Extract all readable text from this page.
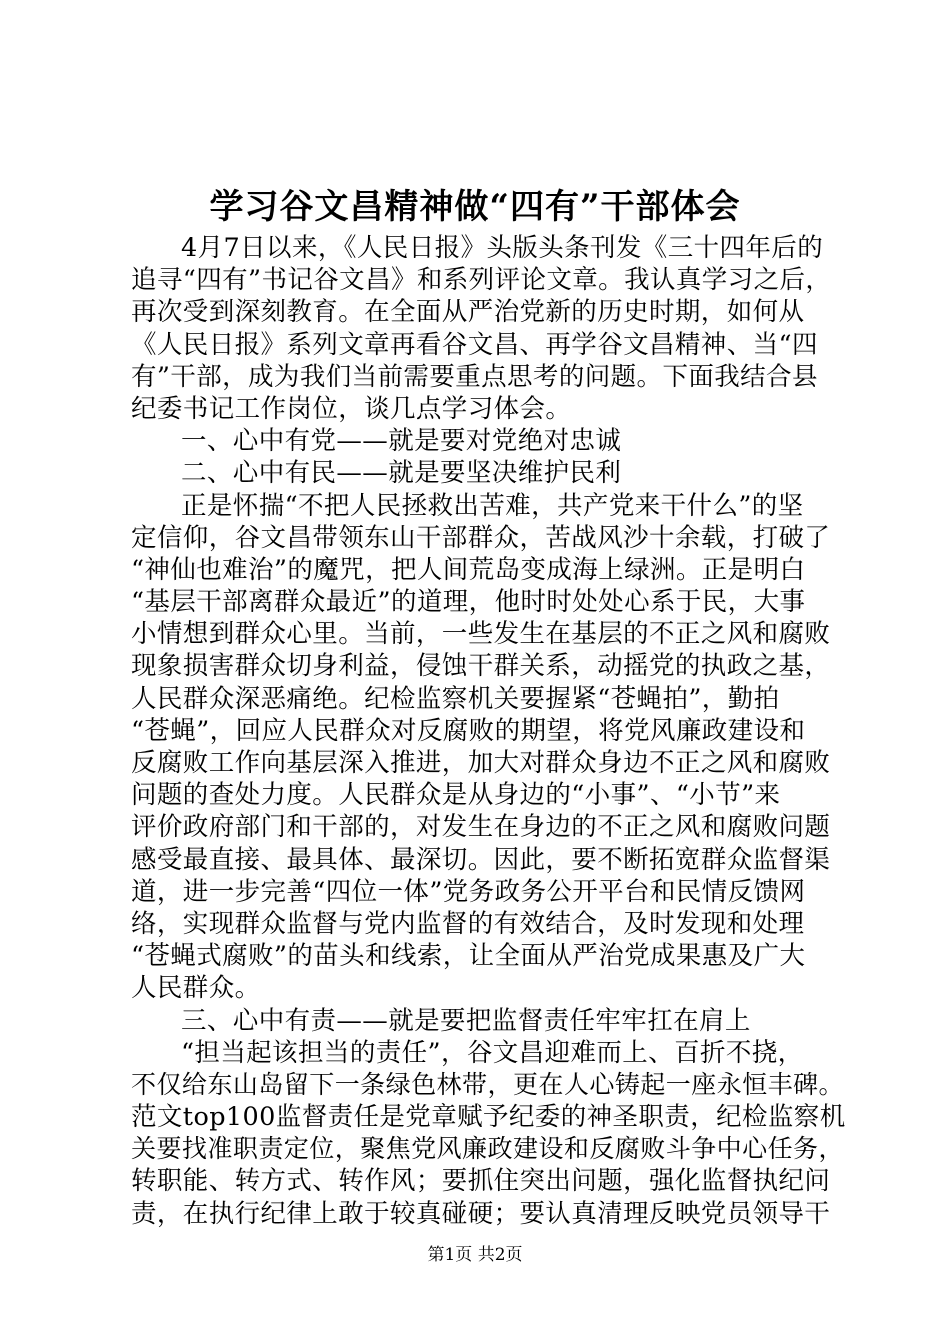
学习谷文昌精神做“四有”干部体会
4月7日以来，《人民日报》头版头条刊发《三十四年后的
追寻“四有”书记谷文昌》和系列评论文章。我认真学习之后，
再次受到深刻教育。在全面从严治党新的历史时期，如何从
《人民日报》系列文章再看谷文昌、再学谷文昌精神、当“四
有”干部，成为我们当前需要重点思考的问题。下面我结合县
纪委书记工作岗位，谈几点学习体会。
一、心中有党——就是要对党绝对忠诚
二、心中有民——就是要坚决维护民利
正是怀揣“不把人民拯救出苦难，共产党来干什么”的坚
定信仰，谷文昌带领东山干部群众，苦战风沙十余载，打破了
“神仙也难治”的魔咒，把人间荒岛变成海上绿洲。正是明白
“基层干部离群众最近”的道理，他时时处处心系于民，大事
小情想到群众心里。当前，一些发生在基层的不正之风和腐败
现象损害群众切身利益，侵蚀干群关系，动摇党的执政之基，
人民群众深恶痛绝。纪检监察机关要握紧“苍蝇拍”，勤拍
“苍蝇”，回应人民群众对反腐败的期望，将党风廉政建设和
反腐败工作向基层深入推进，加大对群众身边不正之风和腐败
问题的查处力度。人民群众是从身边的“小事”、“小节”来
评价政府部门和干部的，对发生在身边的不正之风和腐败问题
感受最直接、最具体、最深切。因此，要不断拓宽群众监督渠
道，进一步完善“四位一体”党务政务公开平台和民情反馈网
络，实现群众监督与党内监督的有效结合，及时发现和处理
“苍蝇式腐败”的苗头和线索，让全面从严治党成果惠及广大
人民群众。
三、心中有责——就是要把监督责任牢牢扛在肩上
“担当起该担当的责任”，谷文昌迎难而上、百折不挠，
不仅给东山岛留下一条绿色林带，更在人心铸起一座永恒丰碑。
范文top100监督责任是党章赋予纪委的神圣职责，纪检监察机
关要找准职责定位，聚焦党风廉政建设和反腐败斗争中心任务，
转职能、转方式、转作风；要抓住突出问题，强化监督执纪问
责，在执行纪律上敢于较真碰硬；要认真清理反映党员领导干
第1页 共2页
